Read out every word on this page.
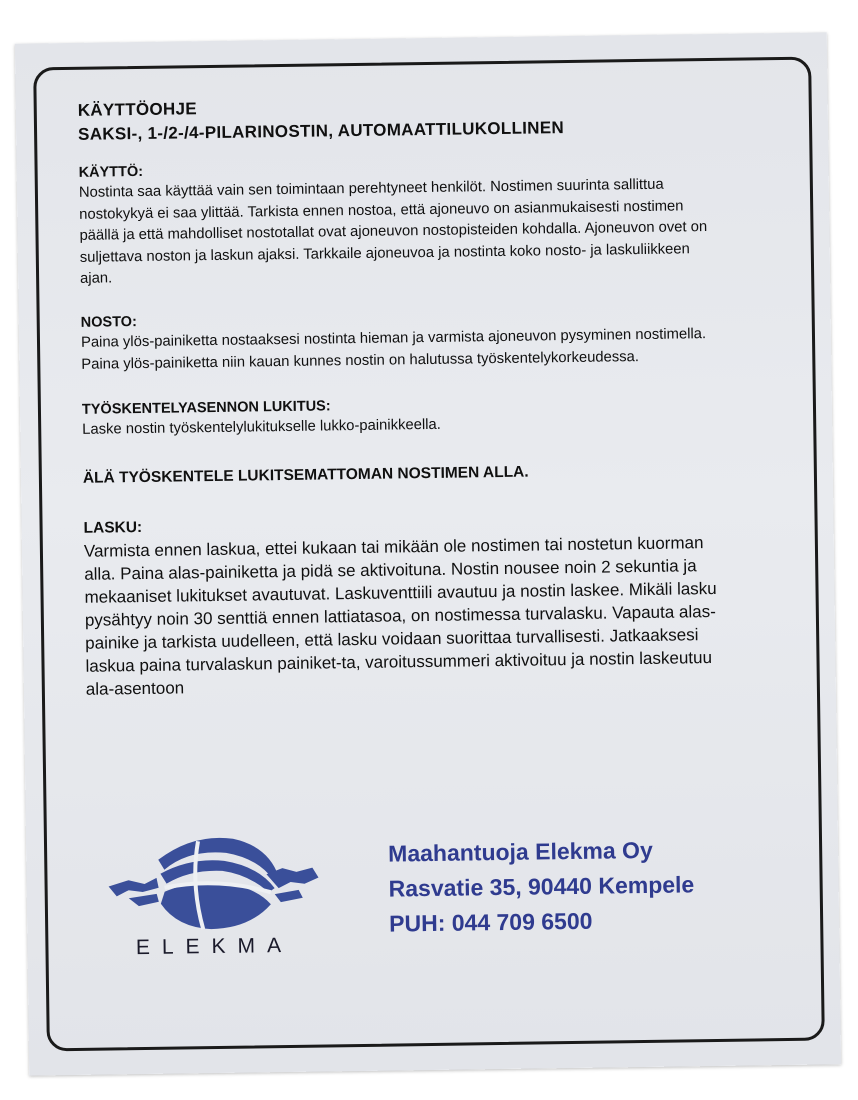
KÄYTTÖOHJE
SAKSI-, 1-/2-/4-PILARINOSTIN, AUTOMAATTILUKOLLINEN
KÄYTTÖ:
Nostinta saa käyttää vain sen toimintaan perehtyneet henkilöt. Nostimen suurinta sallittua nostokykyä ei saa ylittää. Tarkista ennen nostoa, että ajoneuvo on asianmukaisesti nostimen päällä ja että mahdolliset nostotallat ovat ajoneuvon nostopisteiden kohdalla. Ajoneuvon ovet on suljettava noston ja laskun ajaksi. Tarkkaile ajoneuvoa ja nostinta koko nosto- ja laskuliikkeen ajan.
NOSTO:
Paina ylös-painiketta nostaaksesi nostinta hieman ja varmista ajoneuvon pysyminen nostimella. Paina ylös-painiketta niin kauan kunnes nostin on halutussa työskentelykorkeudessa.
TYÖSKENTELYASENNON LUKITUS:
Laske nostin työskentelylukitukselle lukko-painikkeella.
ÄLÄ TYÖSKENTELE LUKITSEMATTOMAN NOSTIMEN ALLA.
LASKU:
Varmista ennen laskua, ettei kukaan tai mikään ole nostimen tai nostetun kuorman alla. Paina alas-painiketta ja pidä se aktivoituna. Nostin nousee noin 2 sekuntia ja mekaaniset lukitukset avautuvat. Laskuventtiili avautuu ja nostin laskee. Mikäli lasku pysähtyy noin 30 senttiä ennen lattiatasoa, on nostimessa turvalasku. Vapauta alas-painike ja tarkista uudelleen, että lasku voidaan suorittaa turvallisesti. Jatkaaksesi laskua paina turvalaskun painiket-ta, varoitussummeri aktivoituu ja nostin laskeutuu ala-asentoon
ELEKMA
Maahantuoja Elekma Oy
Rasvatie 35, 90440 Kempele
PUH: 044 709 6500
